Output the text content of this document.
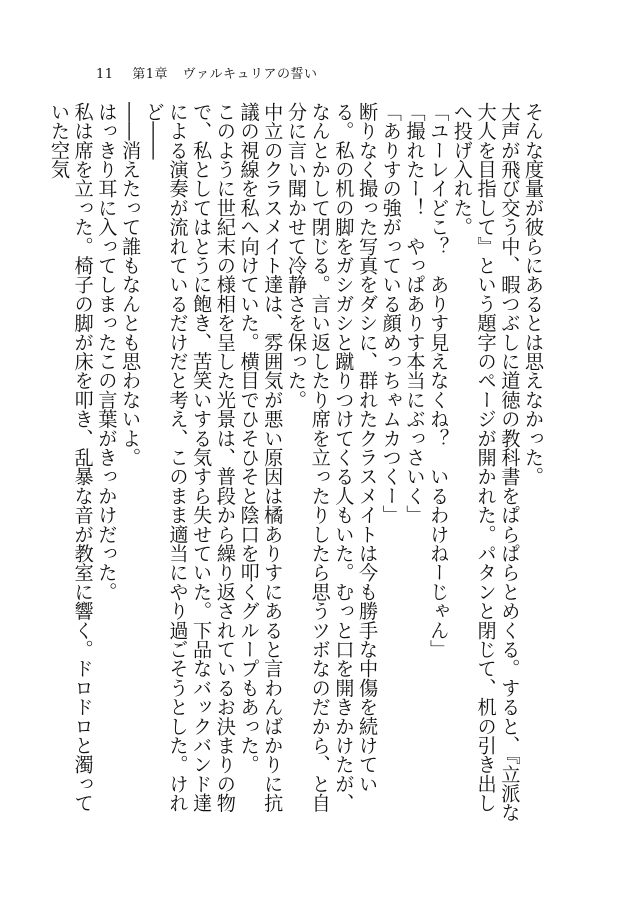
11 第1章 ヴァルキュリアの誓い

そんな度量が彼らにあるとは思えなかった。

大声が飛び交う中、暇つぶしに道徳の教科書をぱらぱらとめくる。すると、『立派な大人を目指して』という題字のページが開かれた。パタンと閉じて、机の引き出しへ投げ入れた。

「ユーレイどこ？　ありす見えなくね？　いるわけねーじゃん」

「撮れたー！　やっぱありす本当にぶっさいく」

「ありすの強がっている顔めっちゃムカつくー」

断りなく撮った写真をダシに、群れたクラスメイトは今も勝手な中傷を続けている。私の机の脚をガシガシと蹴りつけてくる人もいた。むっと口を開きかけたが、なんとかして閉じる。言い返したり席を立ったりしたら思うツボなのだから、と自分に言い聞かせて冷静さを保った。

中立のクラスメイト達は、雰囲気が悪い原因は橘ありすにあると言わんばかりに抗議の視線を私へ向けていた。横目でひそひそと陰口を叩くグループもあった。

このように世紀末の様相を呈した光景は、普段から繰り返されているお決まりの物で、私としてはとうに飽き、苦笑いする気すら失せていた。下品なバックバンド達による演奏が流れているだけだと考え、このまま適当にやり過ごそうとした。けれど――

――消えたって誰もなんとも思わないよ。

はっきり耳に入ってしまったこの言葉がきっかけだった。

私は席を立った。椅子の脚が床を叩き、乱暴な音が教室に響く。ドロドロと濁っていた空気
